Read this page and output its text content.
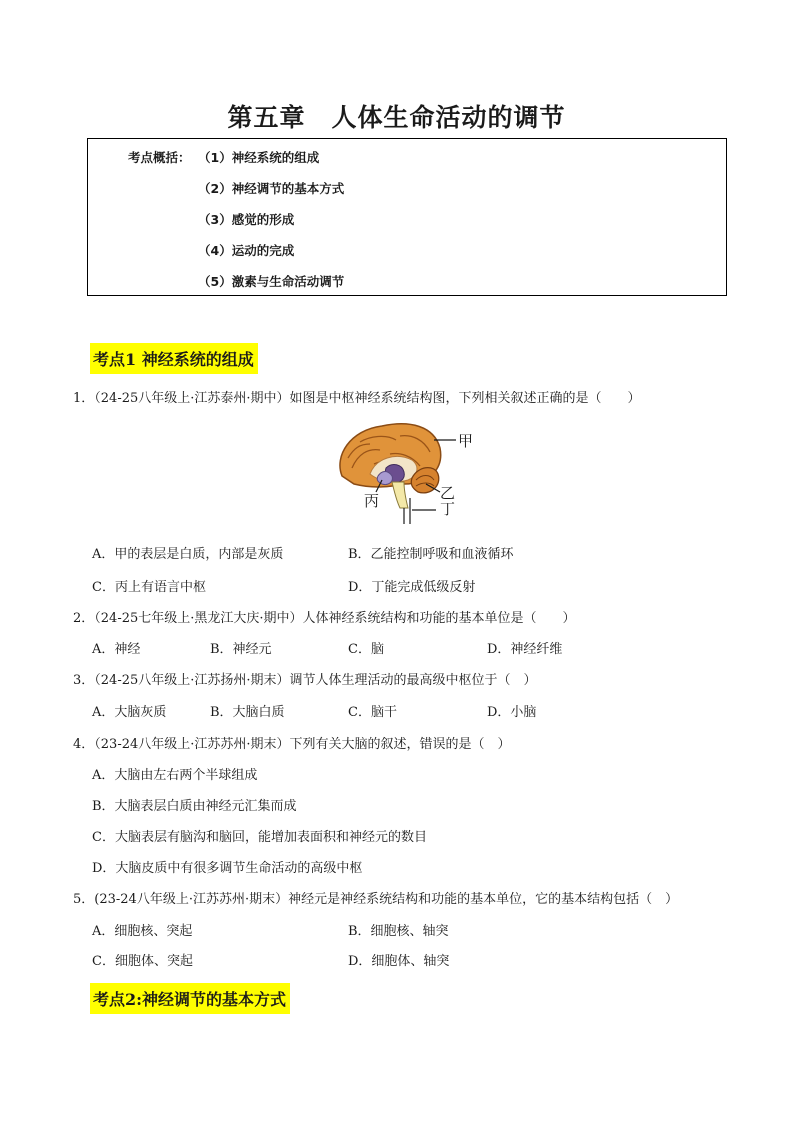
第五章　人体生命活动的调节
考点概括： （1）神经系统的组成
（2）神经调节的基本方式
（3）感觉的形成
（4）运动的完成
（5）激素与生命活动调节
考点1 神经系统的组成
1．（24-25八年级上·江苏泰州·期中）如图是中枢神经系统结构图，下列相关叙述正确的是（　　）
甲
乙
丙	丁
A．甲的表层是白质，内部是灰质	B．乙能控制呼吸和血液循环
C．丙上有语言中枢	D．丁能完成低级反射
2．（24-25七年级上·黑龙江大庆·期中）人体神经系统结构和功能的基本单位是（　　）
A．神经	B．神经元	C．脑	D．神经纤维
3．（24-25八年级上·江苏扬州·期末）调节人体生理活动的最高级中枢位于（　）
A．大脑灰质	B．大脑白质	C．脑干	D．小脑
4．（23-24八年级上·江苏苏州·期末）下列有关大脑的叙述，错误的是（　）
A．大脑由左右两个半球组成
B．大脑表层白质由神经元汇集而成
C．大脑表层有脑沟和脑回，能增加表面积和神经元的数目
D．大脑皮质中有很多调节生命活动的高级中枢
5．(23-24八年级上·江苏苏州·期末）神经元是神经系统结构和功能的基本单位，它的基本结构包括（　）
A．细胞核、突起	B．细胞核、轴突
C．细胞体、突起	D．细胞体、轴突
考点2:神经调节的基本方式
